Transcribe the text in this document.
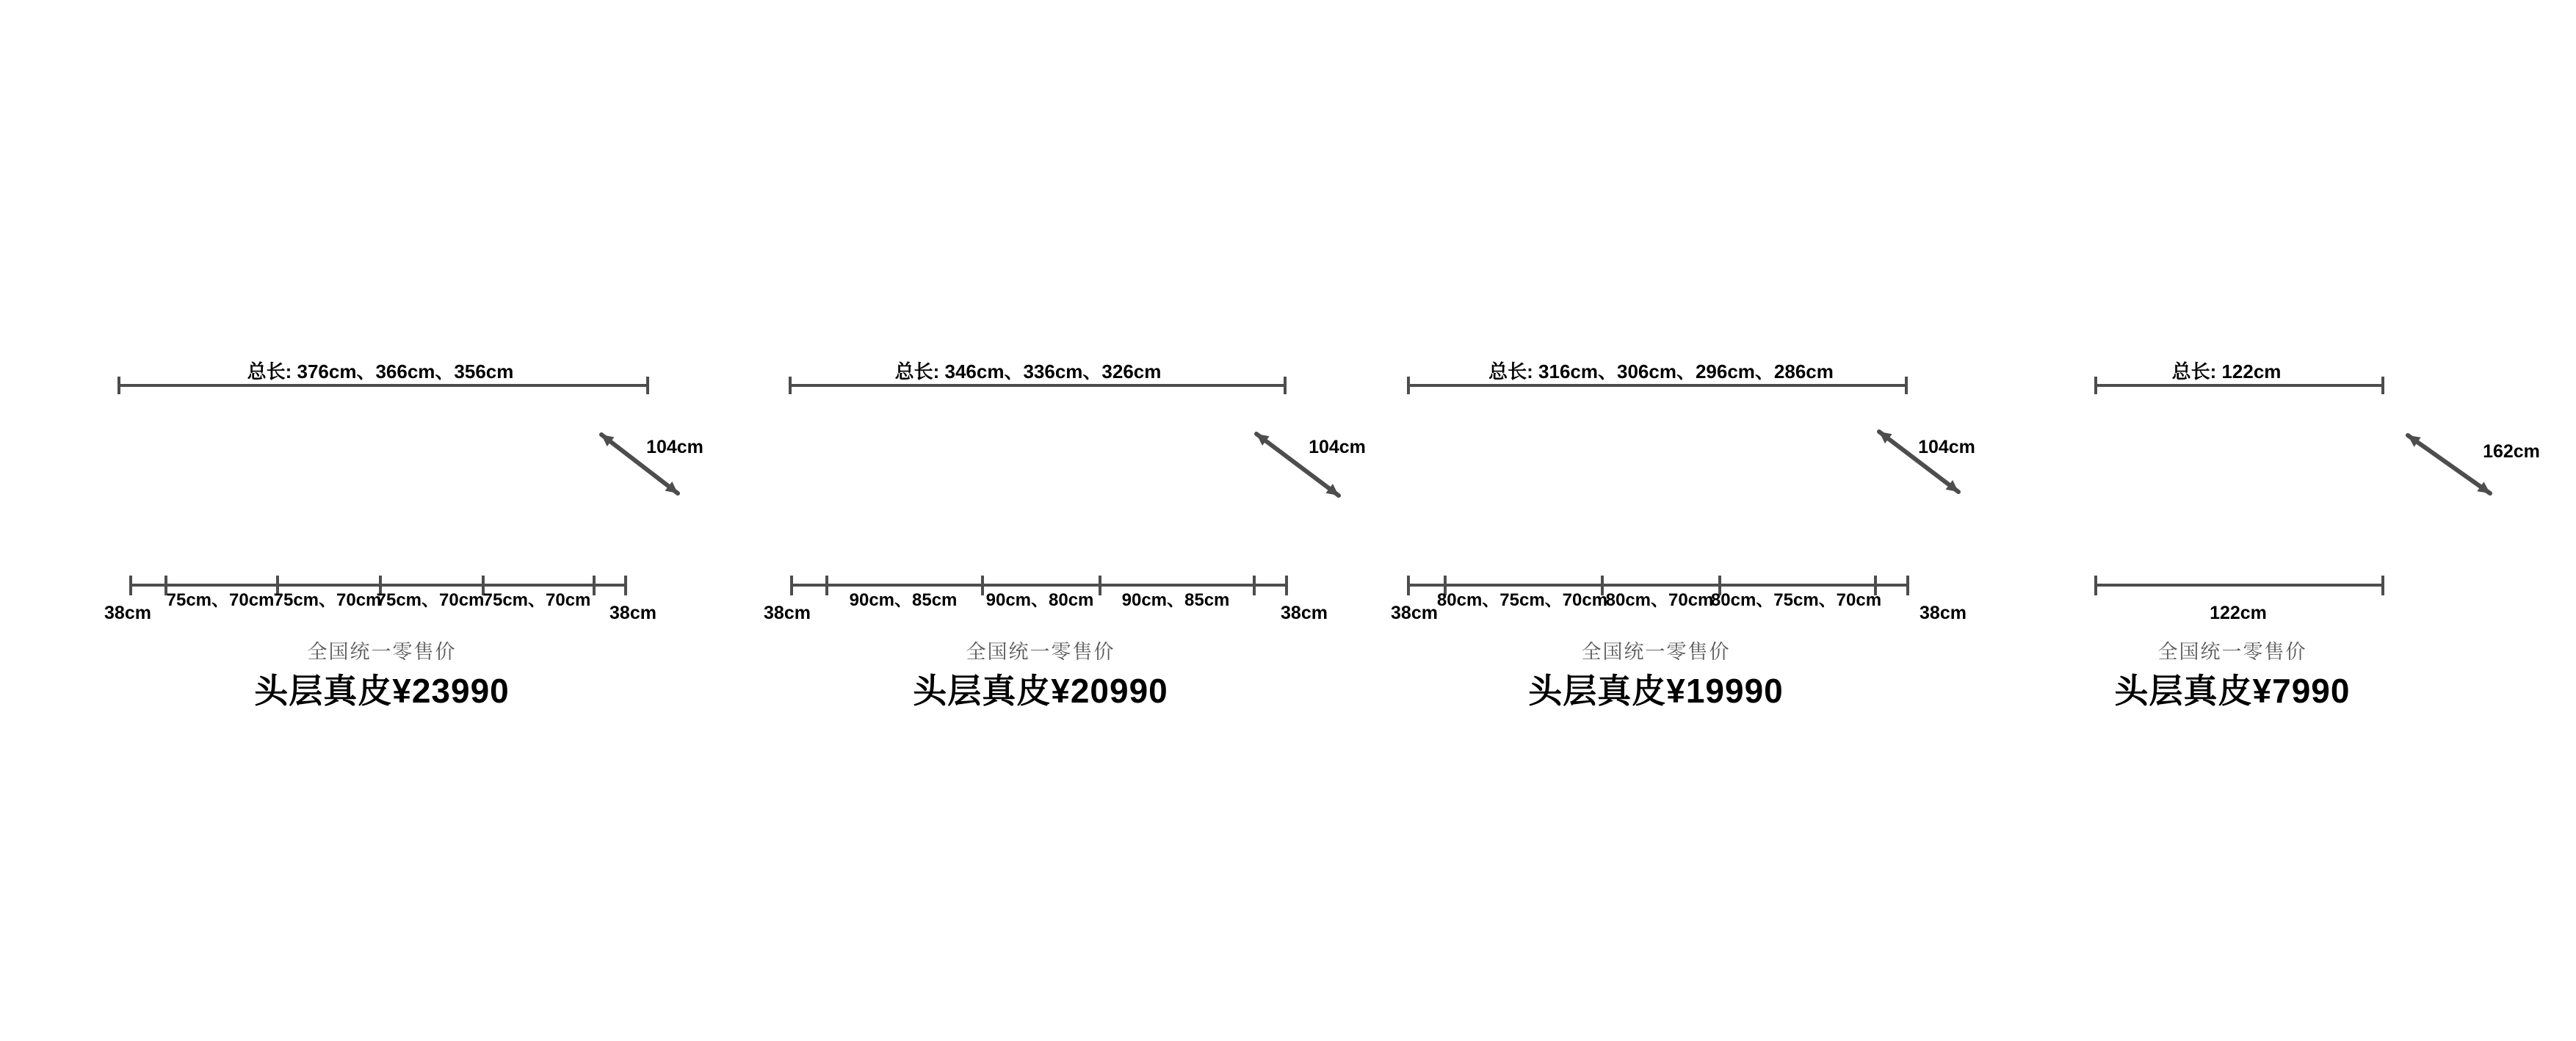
总长: 376cm、366cm、356cm
104cm
38cm
75cm、70cm 75cm、70cm
75cm、70cm
75cm、70cm
38cm
全国统一零售价
头层真皮¥23990
总长: 346cm、336cm、326cm
104cm
38cm
90cm、85cm 90cm、80cm 90cm、85cm
38cm
全国统一零售价
头层真皮¥20990
总长: 316cm、306cm、296cm、286cm
104cm
38cm
80cm、75cm、70cm
80cm、70cm
80cm、75cm、70cm
38cm
全国统一零售价
头层真皮¥19990
总长: 122cm
162cm
122cm
全国统一零售价
头层真皮¥7990
